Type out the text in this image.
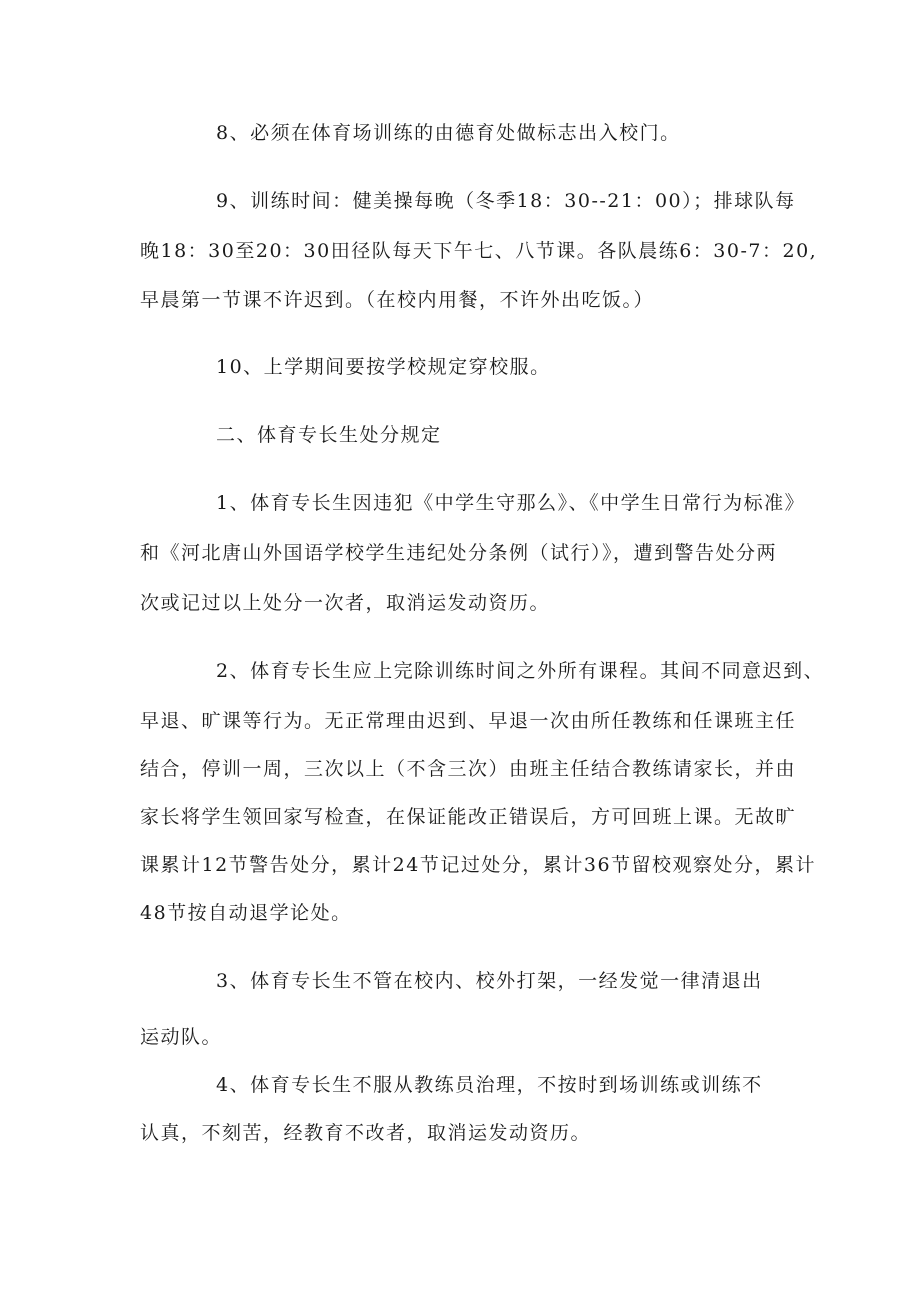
8、必须在体育场训练的由德育处做标志出入校门。
9、训练时间：健美操每晚（冬季18：30--21：00）；排球队每
晚18：30至20：30田径队每天下午七、八节课。各队晨练6：30-7：20,
早晨第一节课不许迟到。（在校内用餐，不许外出吃饭。）
10、上学期间要按学校规定穿校服。
二、体育专长生处分规定
1、体育专长生因违犯《中学生守那么》、《中学生日常行为标准》
和《河北唐山外国语学校学生违纪处分条例（试行）》，遭到警告处分两
次或记过以上处分一次者，取消运发动资历。
2、体育专长生应上完除训练时间之外所有课程。其间不同意迟到、
早退、旷课等行为。无正常理由迟到、早退一次由所任教练和任课班主任
结合，停训一周，三次以上（不含三次）由班主任结合教练请家长，并由
家长将学生领回家写检查，在保证能改正错误后，方可回班上课。无故旷
课累计12节警告处分，累计24节记过处分，累计36节留校观察处分，累计
48节按自动退学论处。
3、体育专长生不管在校内、校外打架，一经发觉一律清退出
运动队。
4、体育专长生不服从教练员治理，不按时到场训练或训练不
认真，不刻苦，经教育不改者，取消运发动资历。
